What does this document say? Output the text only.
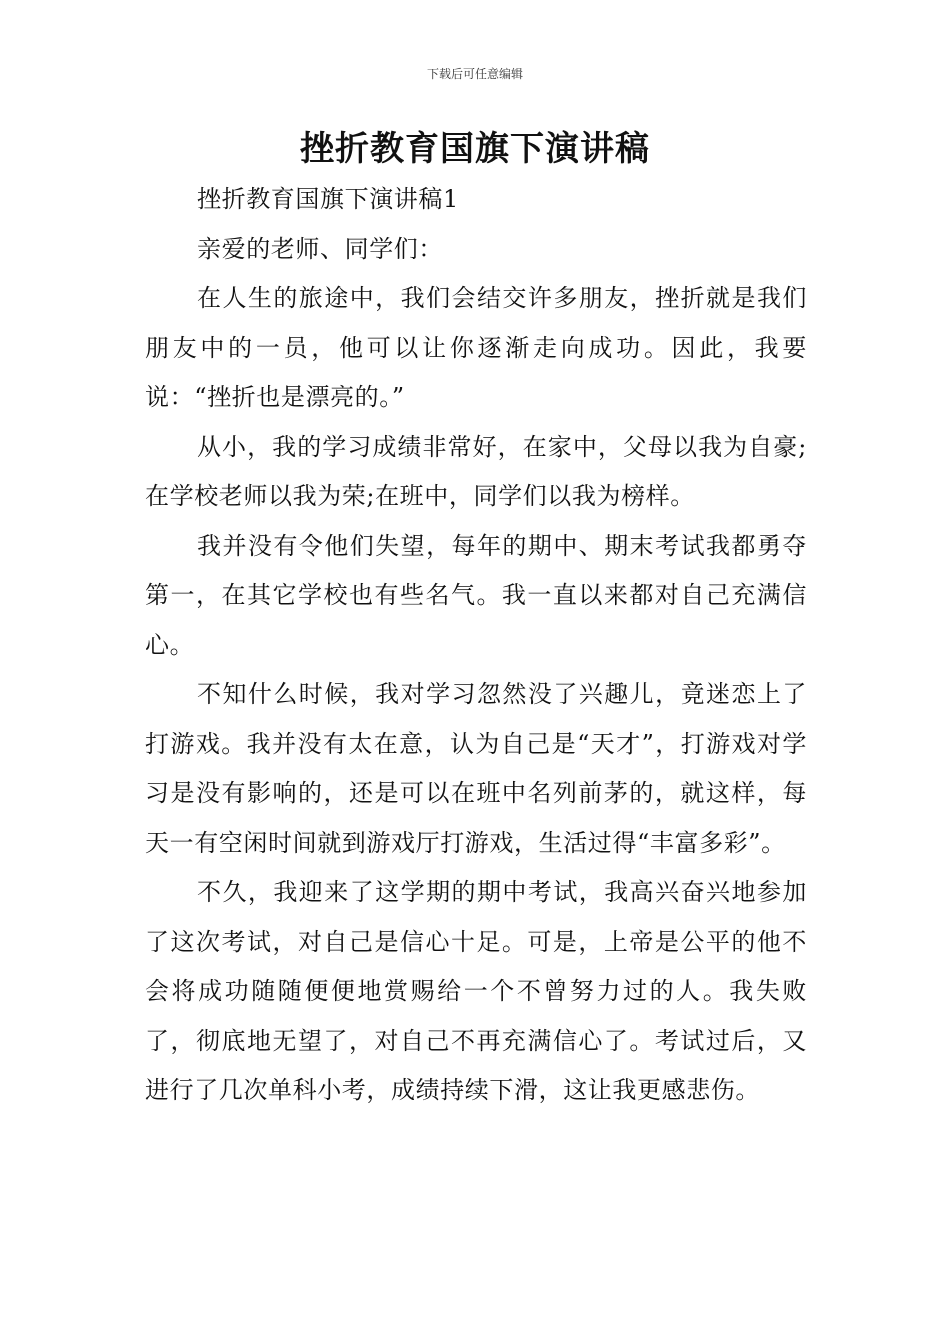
下载后可任意编辑
挫折教育国旗下演讲稿

挫折教育国旗下演讲稿1

亲爱的老师、同学们：

在人生的旅途中，我们会结交许多朋友，挫折就是我们朋友中的一员，他可以让你逐渐走向成功。因此，我要说：“挫折也是漂亮的。”

从小，我的学习成绩非常好，在家中，父母以我为自豪;在学校老师以我为荣;在班中，同学们以我为榜样。

我并没有令他们失望，每年的期中、期末考试我都勇夺第一，在其它学校也有些名气。我一直以来都对自己充满信心。

不知什么时候，我对学习忽然没了兴趣儿，竟迷恋上了打游戏。我并没有太在意，认为自己是“天才”，打游戏对学习是没有影响的，还是可以在班中名列前茅的，就这样，每天一有空闲时间就到游戏厅打游戏，生活过得“丰富多彩”。

不久，我迎来了这学期的期中考试，我高兴奋兴地参加了这次考试，对自己是信心十足。可是，上帝是公平的他不会将成功随随便便地赏赐给一个不曾努力过的人。我失败了，彻底地无望了，对自己不再充满信心了。考试过后，又进行了几次单科小考，成绩持续下滑，这让我更感悲伤。
